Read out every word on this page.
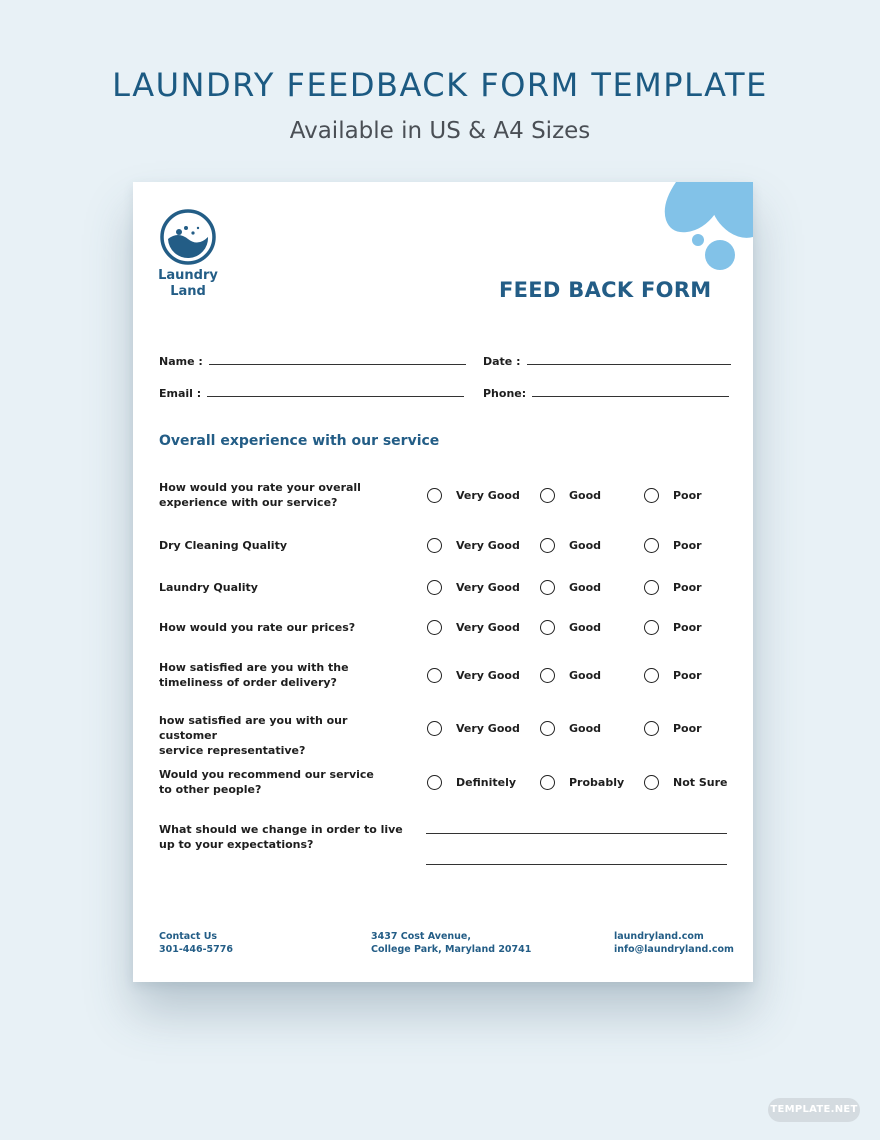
LAUNDRY FEEDBACK FORM TEMPLATE
Available in US & A4 Sizes
Laundry
Land	FEED BACK FORM
Name :	Date :
Email :	Phone:
Overall experience with our service
How would you rate your overall
experience with our service?
Very Good	Good	Poor
Dry Cleaning Quality	Very Good	Good	Poor
Laundry Quality	Very Good	Good	Poor
How would you rate our prices?	Very Good	Good	Poor
How satisfied are you with the
timeliness of order delivery?
Very Good	Good	Poor
how satisfied are you with our customer
service representative?
Very Good	Good	Poor
Would you recommend our service
to other people?
Definitely	Probably	Not Sure
What should we change in order to live
up to your expectations?
Contact Us
301-446-5776
3437 Cost Avenue,
College Park, Maryland 20741
laundryland.com
info@laundryland.com
TEMPLATE.NET
